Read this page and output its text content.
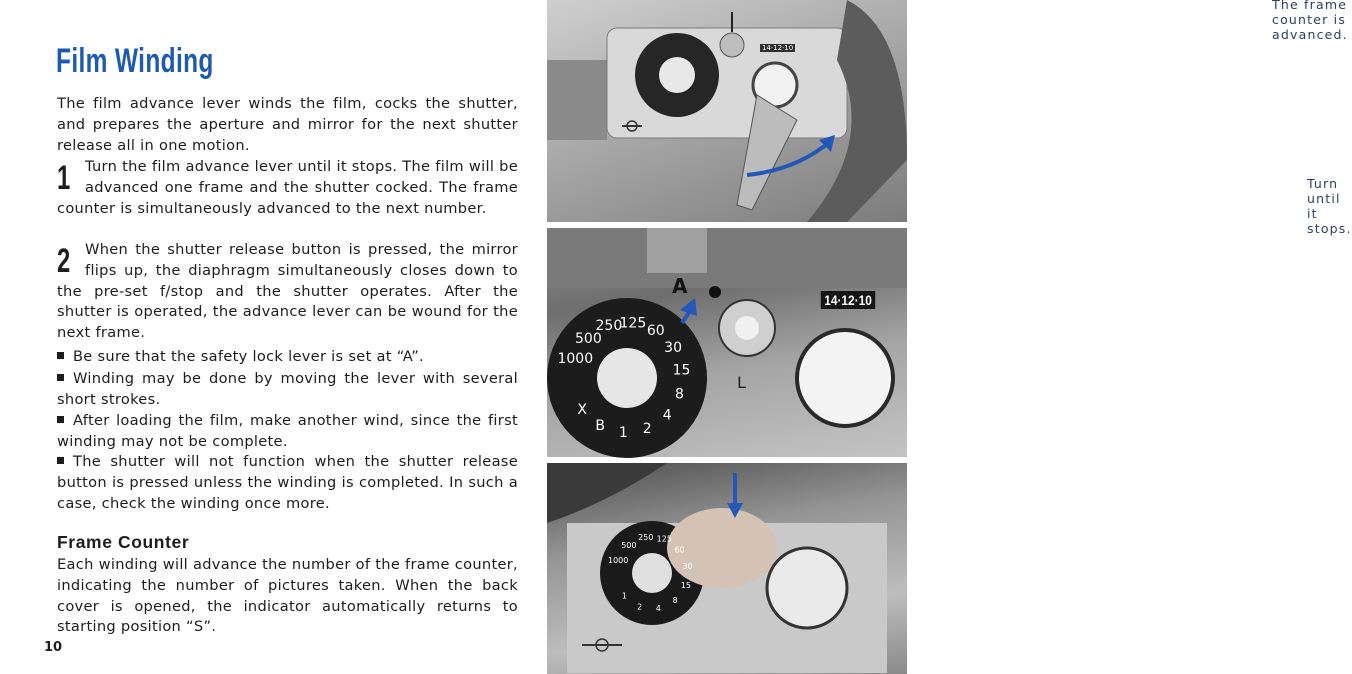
Film Winding

The film advance lever winds the film, cocks the shutter, and prepares the aperture and mirror for the next shutter release all in one motion.

1 Turn the film advance lever until it stops. The film will be advanced one frame and the shutter cocked. The frame counter is simultaneously advanced to the next number.
2 When the shutter release button is pressed, the mirror flips up, the diaphragm simultaneously closes down to the pre-set f/stop and the shutter operates. After the shutter is operated, the advance lever can be wound for the next frame.
Be sure that the safety lock lever is set at “A”.
Winding may be done by moving the lever with several short strokes.
After loading the film, make another wind, since the first winding may not be complete.
The shutter will not function when the shutter release button is pressed unless the winding is completed. In such a case, check the winding once more.
Frame Counter

Each winding will advance the number of the frame counter, indicating the number of pictures taken. When the back cover is opened, the indicator automatically returns to starting position “S”.

10
The frame counter is advanced.
Turn until it stops.
14·12·10
1000
500
250
125 60
30
15
8
4
2
1
B
X
A
L
14·12·10
1000
500
250 125
60
30
15
8
4
2
1
